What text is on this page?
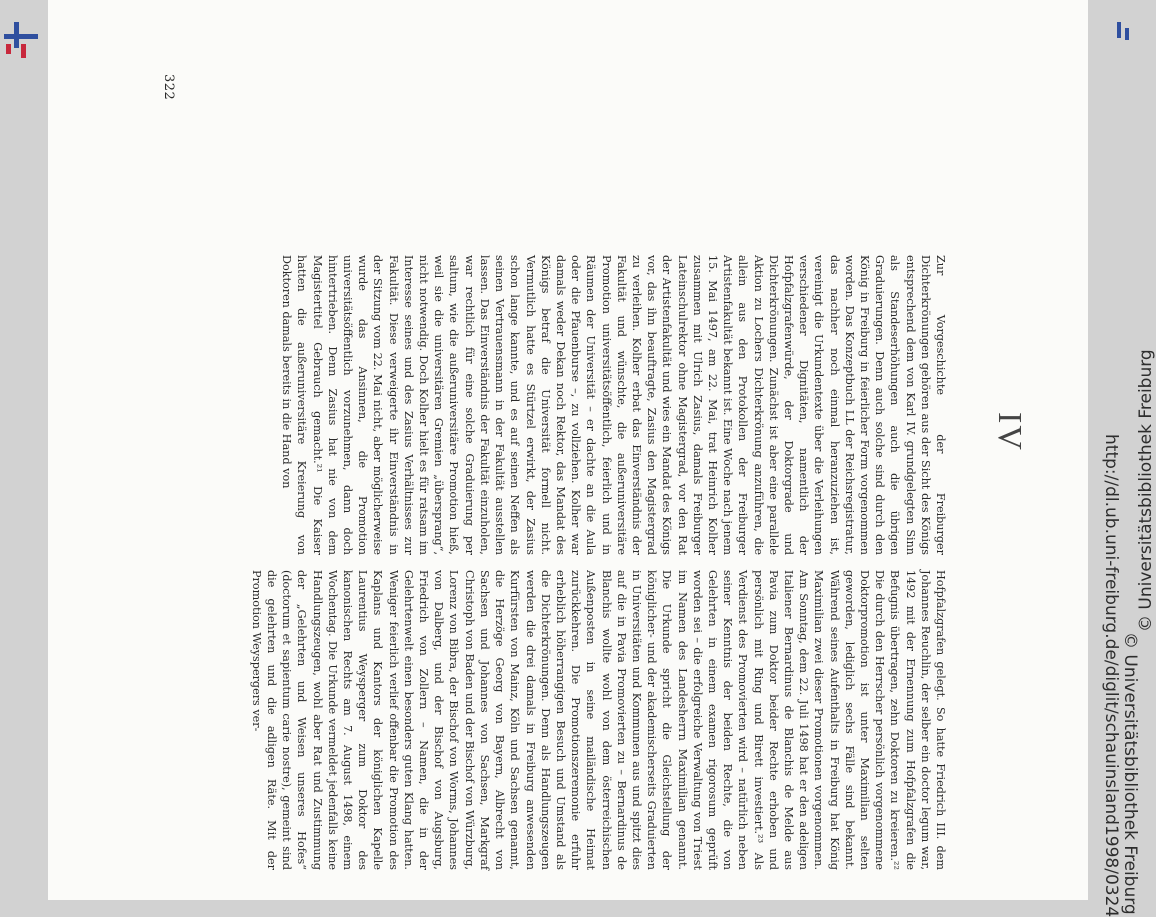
322
IV

Zur Vorgeschichte der Freiburger Dichterkrönungen gehören aus der Sicht des Königs entsprechend dem von Karl IV. grundgelegten Sinn als Standeserhöhungen auch die übrigen Graduierungen. Denn auch solche sind durch den König in Freiburg in feierlicher Form vorgenommen worden. Das Konzeptbuch LL der Reichsregistratur, das nachher noch einmal heranzuziehen ist, vereinigt die Urkundentexte über die Verleihungen verschiedener Dignitäten, namentlich der Hofpfalzgrafenwürde, der Doktorgrade und Dichterkrönungen. Zunächst ist aber eine parallele Aktion zu Lochers Dichterkrönung anzuführen, die allein aus den Protokollen der Freiburger Artistenfakultät bekannt ist. Eine Woche nach jenem 15. Mai 1497, am 22. Mai, trat Heinrich Kolher zusammen mit Ulrich Zasius, damals Freiburger Lateinschulrektor ohne Magistergrad, vor den Rat der Artistenfakultät und wies ein Mandat des Königs vor, das ihn beauftragte, Zasius den Magistergrad zu verleihen. Kolher erbat das Einverständnis der Fakultät und wünschte, die außeruniversitäre Promotion universitätsöffentlich, feierlich und in Räumen der Universität – er dachte an die Aula oder die Pfauenburse –, zu vollziehen. Kolher war damals weder Dekan noch Rektor, das Mandat des Königs betraf die Universität formell nicht. Vermutlich hatte es Stürtzel erwirkt, der Zasius schon lange kannte, und es auf seinen Neffen als seinen Vertrauensmann in der Fakultät ausstellen lassen. Das Einverständnis der Fakultät einzuholen, war rechtlich für eine solche Graduierung per saltum, wie die außeruniversitäre Promotion hieß, weil sie die universitären Gremien „übersprang“, nicht notwendig. Doch Kolher hielt es für ratsam im Interesse seines und des Zasius Verhältnisses zur Fakultät. Diese verweigerte ihr Einverständnis in der Sitzung vom 22. Mai nicht, aber möglicherweise wurde das Ansinnen, die Promotion universitätsöffentlich vorzunehmen, dann doch hintertrieben. Denn Zasius hat nie von dem Magistertitel Gebrauch gemacht.²¹ Die Kaiser hatten die außeruniversitäre Kreierung von Doktoren damals bereits in die Hand von

Hofpfalzgrafen gelegt. So hatte Friedrich III. dem Johannes Reuchlin, der selber ein doctor legum war, 1492 mit der Ernennung zum Hofpfalzgrafen die Befugnis übertragen, zehn Doktoren zu kreieren.²² Die durch den Herrscher persönlich vorgenommene Doktorpromotion ist unter Maximilian selten geworden, lediglich sechs Fälle sind bekannt. Während seines Aufenthalts in Freiburg hat König Maximilian zwei dieser Promotionen vorgenommen. Am Sonntag, dem 22. Juli 1498 hat er den adeligen Italiener Bernardinus de Blanchis de Melde aus Pavia zum Doktor beider Rechte erhoben und persönlich mit Ring und Birett investiert.²³ Als Verdienst des Promovierten wird – natürlich neben seiner Kenntnis der beiden Rechte, die von Gelehrten in einem examen rigorosum geprüft worden sei – die erfolgreiche Verwaltung von Triest im Namen des Landesherrn Maximilian genannt. Die Urkunde spricht die Gleichstellung der königlicher- und der akademischerseits Graduierten in Universitäten und Kommunen aus und spitzt dies auf die in Pavia Promovierten zu – Bernardinus de Blanchis wollte wohl von dem österreichischen Außenposten in seine mailändische Heimat zurückkehren. Die Promotionszeremonie erfuhr erheblich höherrangigen Besuch und Umstand als die Dichterkrönungen. Denn als Handlungszeugen werden die drei damals in Freiburg anwesenden Kurfürsten von Mainz, Köln und Sachsen genannt, die Herzöge Georg von Bayern, Albrecht von Sachsen und Johannes von Sachsen, Markgraf Christoph von Baden und der Bischof von Würzburg, Lorenz von Bibra, der Bischof von Worms, Johannes von Dalberg, und der Bischof von Augsburg, Friedrich von Zollern – Namen, die in der Gelehrtenwelt einen besonders guten Klang hatten. Weniger feierlich verlief offenbar die Promotion des Kaplans und Kantors der königlichen Kapelle Laurentius Weysperger zum Doktor des kanonischen Rechts am 7. August 1498, einem Wochentag. Die Urkunde vermeldet jedenfalls keine Handlungszeugen, wohl aber Rat und Zustimmung der „Gelehrten und Weisen unseres Hofes“ (doctorum et sapientum carie nostre), gemeint sind die gelehrten und die adligen Räte. Mit der Promotion Weyspergers ver-	http://dl.ub.uni-freiburg.de/diglit/schauinsland1998/0324 © Universitätsbibliothek Freiburg
© Universitätsbibliothek Freiburg
